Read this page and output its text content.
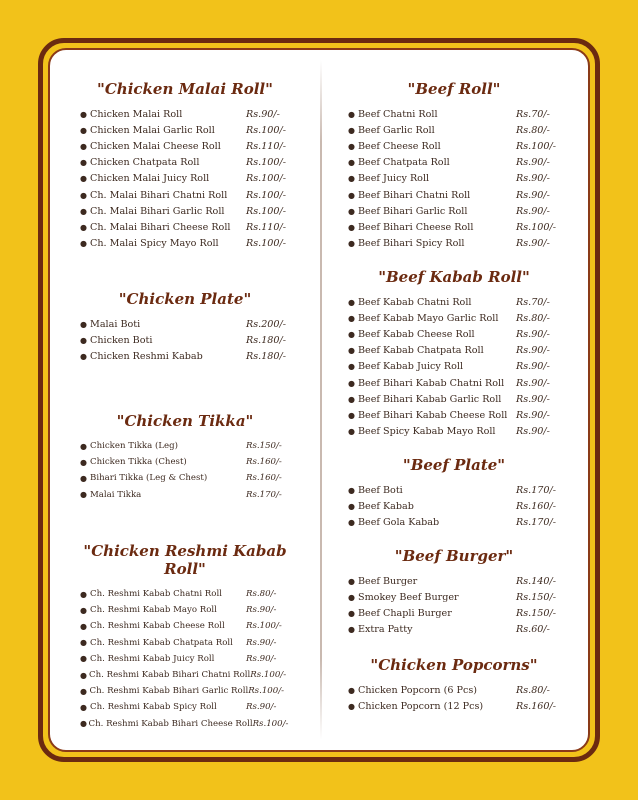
"Chicken Malai Roll"
● Chicken Malai Roll	Rs.90/-
● Chicken Malai Garlic Roll	Rs.100/-
● Chicken Malai Cheese Roll	Rs.110/-
● Chicken Chatpata Roll	Rs.100/-
● Chicken Malai Juicy Roll	Rs.100/-
● Ch. Malai Bihari Chatni Roll	Rs.100/-
● Ch. Malai Bihari Garlic Roll	Rs.100/-
● Ch. Malai Bihari Cheese Roll	Rs.110/-
● Ch. Malai Spicy Mayo Roll	Rs.100/-
"Chicken Plate"
● Malai Boti	Rs.200/-
● Chicken Boti	Rs.180/-
● Chicken Reshmi Kabab	Rs.180/-
"Chicken Tikka"
● Chicken Tikka (Leg)	Rs.150/-
● Chicken Tikka (Chest)	Rs.160/-
● Bihari Tikka (Leg & Chest)	Rs.160/-
● Malai Tikka	Rs.170/-
"Chicken Reshmi Kabab Roll"
● Ch. Reshmi Kabab Chatni Roll	Rs.80/-
● Ch. Reshmi Kabab Mayo Roll	Rs.90/-
● Ch. Reshmi Kabab Cheese Roll	Rs.100/-
● Ch. Reshmi Kabab Chatpata Roll	Rs.90/-
● Ch. Reshmi Kabab Juicy Roll	Rs.90/-
● Ch. Reshmi Kabab Bihari Chatni Roll Rs.100/-
● Ch. Reshmi Kabab Bihari Garlic Roll Rs.100/-
● Ch. Reshmi Kabab Spicy Roll	Rs.90/-
● Ch. Reshmi Kabab Bihari Cheese Roll Rs.100/-
"Beef Roll"
● Beef Chatni Roll	Rs.70/-
● Beef Garlic Roll	Rs.80/-
● Beef Cheese Roll	Rs.100/-
● Beef Chatpata Roll	Rs.90/-
● Beef Juicy Roll	Rs.90/-
● Beef Bihari Chatni Roll	Rs.90/-
● Beef Bihari Garlic Roll	Rs.90/-
● Beef Bihari Cheese Roll	Rs.100/-
● Beef Bihari Spicy Roll	Rs.90/-
"Beef Kabab Roll"
● Beef Kabab Chatni Roll	Rs.70/-
● Beef Kabab Mayo Garlic Roll	Rs.80/-
● Beef Kabab Cheese Roll	Rs.90/-
● Beef Kabab Chatpata Roll	Rs.90/-
● Beef Kabab Juicy Roll	Rs.90/-
● Beef Bihari Kabab Chatni Roll	Rs.90/-
● Beef Bihari Kabab Garlic Roll	Rs.90/-
● Beef Bihari Kabab Cheese Roll Rs.90/-
● Beef Spicy Kabab Mayo Roll	Rs.90/-
"Beef Plate"
● Beef Boti	Rs.170/-
● Beef Kabab	Rs.160/-
● Beef Gola Kabab	Rs.170/-
"Beef Burger"
● Beef Burger	Rs.140/-
● Smokey Beef Burger	Rs.150/-
● Beef Chapli Burger	Rs.150/-
● Extra Patty	Rs.60/-
"Chicken Popcorns"
● Chicken Popcorn (6 Pcs)	Rs.80/-
● Chicken Popcorn (12 Pcs)	Rs.160/-
